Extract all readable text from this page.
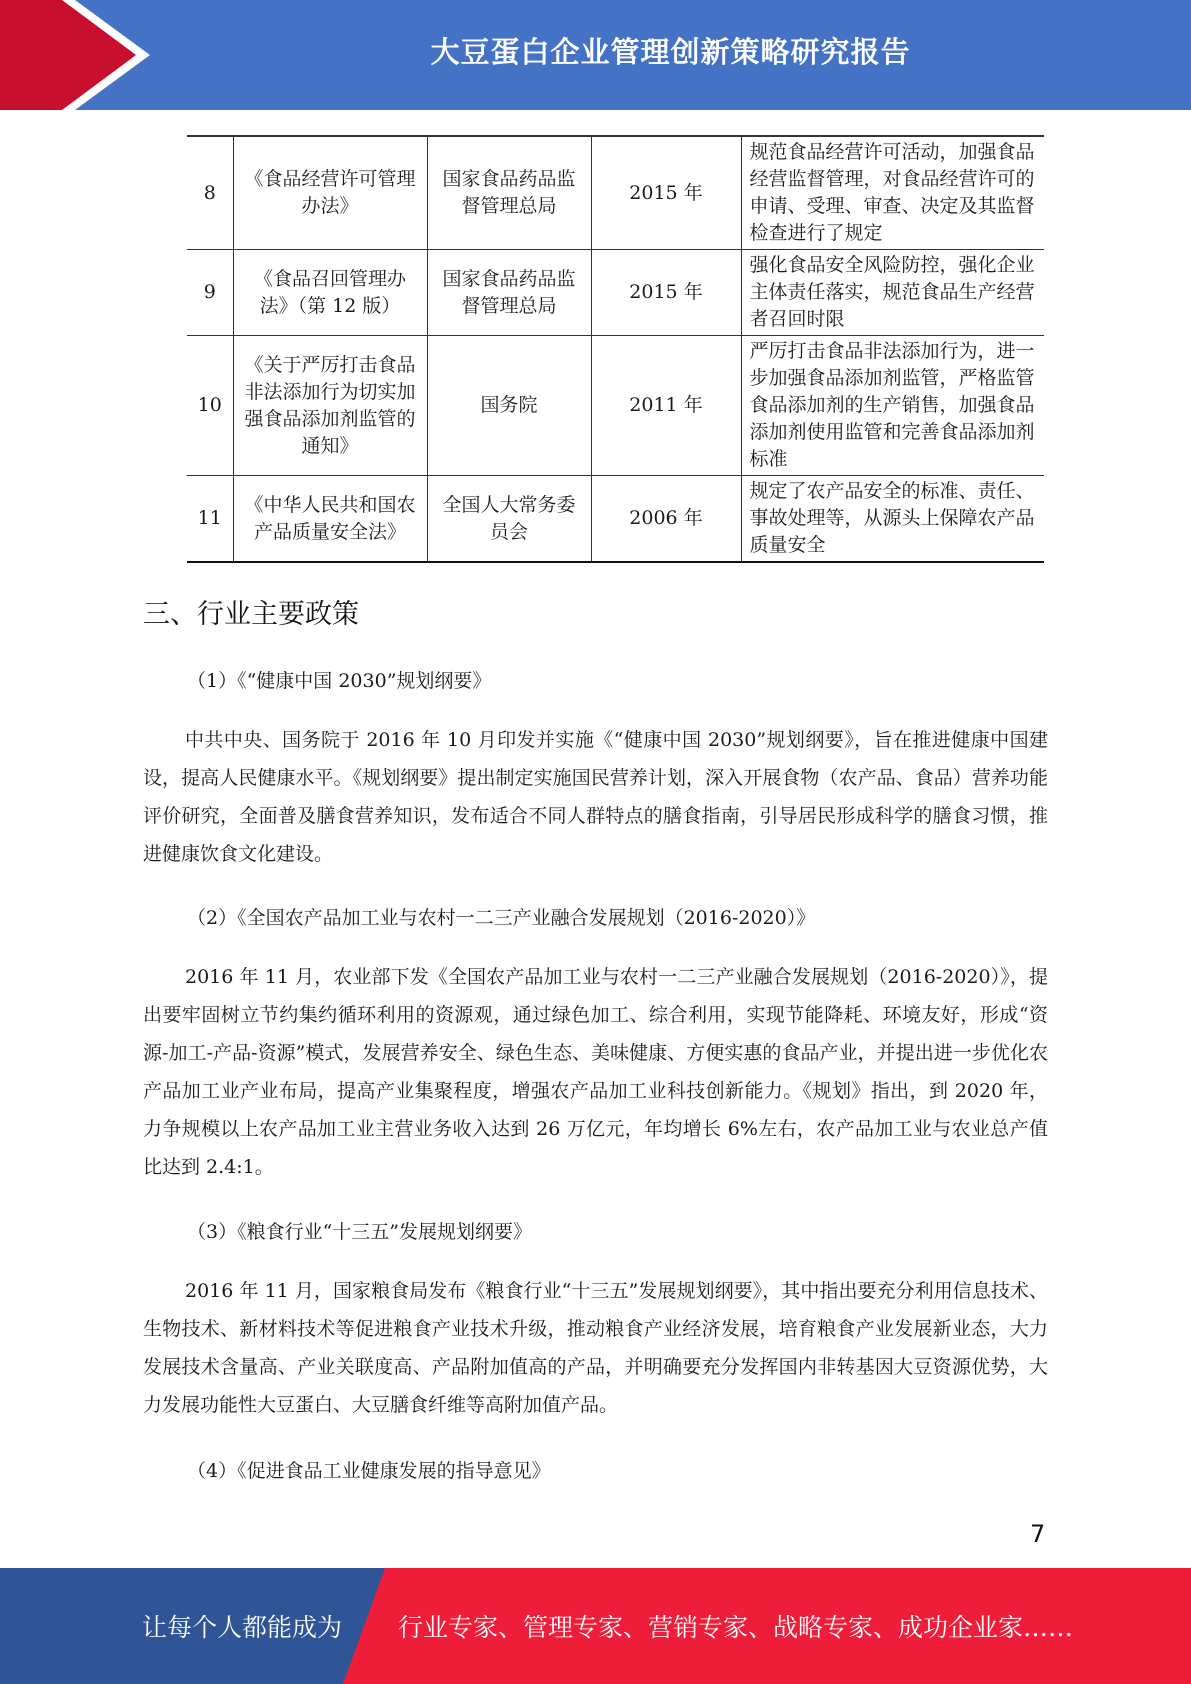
大豆蛋白企业管理创新策略研究报告
8	《食品经营许可管理办法》	国家食品药品监督管理总局	2015 年	规范食品经营许可活动，加强食品经营监督管理，对食品经营许可的申请、受理、审查、决定及其监督检查进行了规定
9	《食品召回管理办法》（第 12 版）	国家食品药品监督管理总局	2015 年	强化食品安全风险防控，强化企业主体责任落实，规范食品生产经营者召回时限
10	《关于严厉打击食品非法添加行为切实加强食品添加剂监管的通知》	国务院	2011 年	严厉打击食品非法添加行为，进一步加强食品添加剂监管，严格监管食品添加剂的生产销售，加强食品添加剂使用监管和完善食品添加剂标准
11	《中华人民共和国农产品质量安全法》	全国人大常务委员会	2006 年	规定了农产品安全的标准、责任、事故处理等，从源头上保障农产品质量安全
三、行业主要政策

（1）《“健康中国 2030”规划纲要》

中共中央、国务院于 2016 年 10 月印发并实施《“健康中国 2030”规划纲要》，旨在推进健康中国建设，提高人民健康水平。《规划纲要》提出制定实施国民营养计划，深入开展食物（农产品、食品）营养功能评价研究，全面普及膳食营养知识，发布适合不同人群特点的膳食指南，引导居民形成科学的膳食习惯，推进健康饮食文化建设。

（2）《全国农产品加工业与农村一二三产业融合发展规划（2016-2020）》

2016 年 11 月，农业部下发《全国农产品加工业与农村一二三产业融合发展规划（2016-2020）》，提出要牢固树立节约集约循环利用的资源观，通过绿色加工、综合利用，实现节能降耗、环境友好，形成“资源-加工-产品-资源”模式，发展营养安全、绿色生态、美味健康、方便实惠的食品产业，并提出进一步优化农产品加工业产业布局，提高产业集聚程度，增强农产品加工业科技创新能力。《规划》指出，到 2020 年，力争规模以上农产品加工业主营业务收入达到 26 万亿元，年均增长 6%左右，农产品加工业与农业总产值比达到 2.4:1。

（3）《粮食行业“十三五”发展规划纲要》

2016 年 11 月，国家粮食局发布《粮食行业“十三五”发展规划纲要》，其中指出要充分利用信息技术、生物技术、新材料技术等促进粮食产业技术升级，推动粮食产业经济发展，培育粮食产业发展新业态，大力发展技术含量高、产业关联度高、产品附加值高的产品，并明确要充分发挥国内非转基因大豆资源优势，大力发展功能性大豆蛋白、大豆膳食纤维等高附加值产品。

（4）《促进食品工业健康发展的指导意见》

7
让每个人都能成为 行业专家、管理专家、营销专家、战略专家、成功企业家……
